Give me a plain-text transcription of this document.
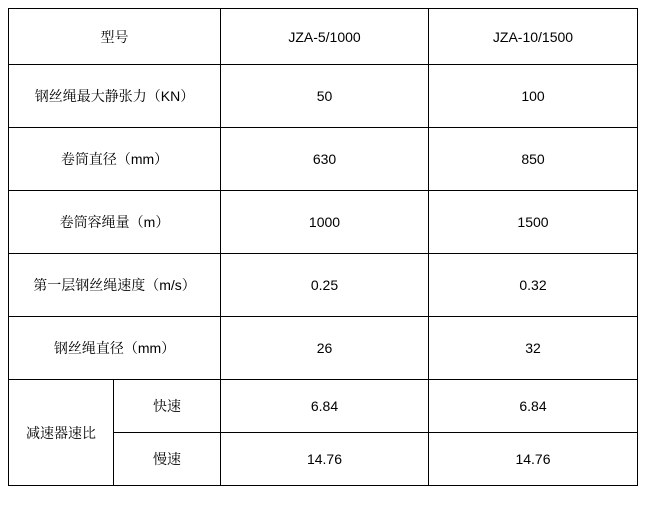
型号		JZA-5/1000	JZA-10/1500
钢丝绳最大静张力（KN）		50	100
卷筒直径（mm）		630	850
卷筒容绳量（m）		1000	1500
第一层钢丝绳速度（m/s）		0.25	0.32
钢丝绳直径（mm）		26	32
减速器速比	快速	6.84	6.84
	慢速	14.76	14.76
